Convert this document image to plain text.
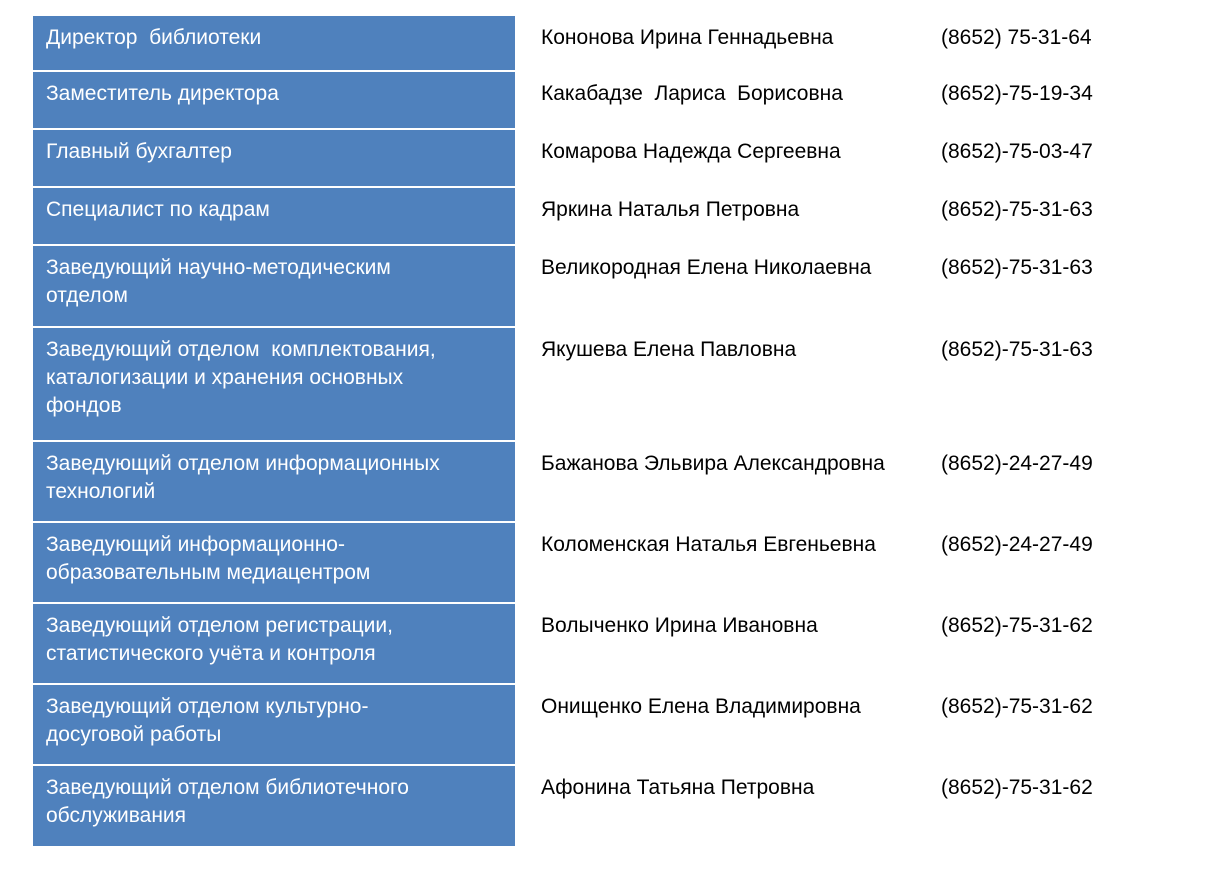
Директор  библиотеки	Кононова Ирина Геннадьевна	(8652) 75-31-64
Заместитель директора	Какабадзе  Лариса  Борисовна	(8652)-75-19-34
Главный бухгалтер	Комарова Надежда Сергеевна	(8652)-75-03-47
Специалист по кадрам	Яркина Наталья Петровна	(8652)-75-31-63
Заведующий научно-методическим
отделом
Великородная Елена Николаевна	(8652)-75-31-63
Заведующий отделом  комплектования,
каталогизации и хранения основных
фондов
Якушева Елена Павловна	(8652)-75-31-63
Заведующий отделом информационных
технологий
Бажанова Эльвира Александровна	(8652)-24-27-49
Заведующий информационно-
образовательным медиацентром
Коломенская Наталья Евгеньевна	(8652)-24-27-49
Заведующий отделом регистрации,
статистического учёта и контроля
Волыченко Ирина Ивановна	(8652)-75-31-62
Заведующий отделом культурно-
досуговой работы
Онищенко Елена Владимировна	(8652)-75-31-62
Заведующий отделом библиотечного
обслуживания
Афонина Татьяна Петровна	(8652)-75-31-62
